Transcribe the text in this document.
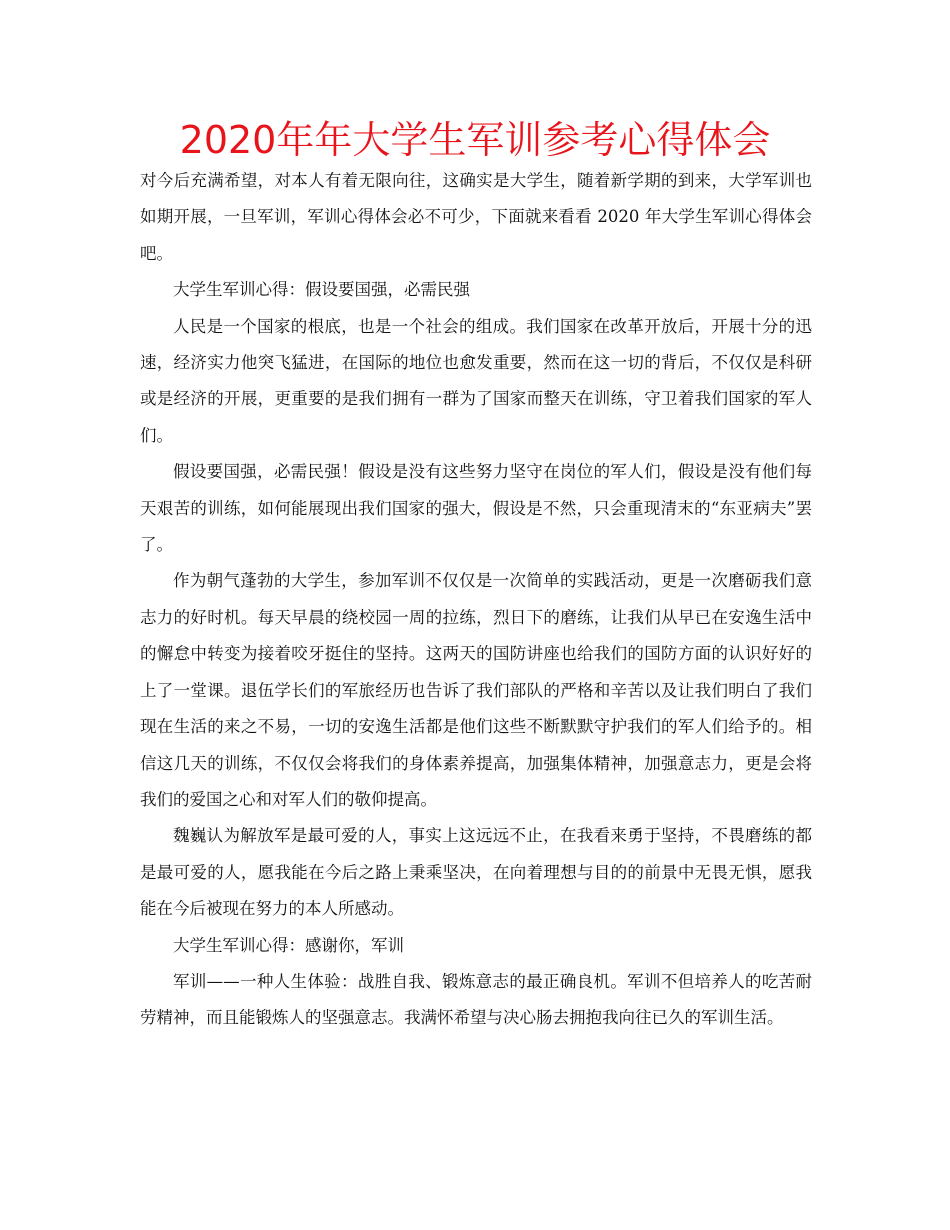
2020年年大学生军训参考心得体会

对今后充满希望，对本人有着无限向往，这确实是大学生，随着新学期的到来，大学军训也如期开展，一旦军训，军训心得体会必不可少，下面就来看看 2020 年大学生军训心得体会吧。

大学生军训心得：假设要国强，必需民强

人民是一个国家的根底，也是一个社会的组成。我们国家在改革开放后，开展十分的迅速，经济实力他突飞猛进，在国际的地位也愈发重要，然而在这一切的背后，不仅仅是科研或是经济的开展，更重要的是我们拥有一群为了国家而整天在训练，守卫着我们国家的军人们。

假设要国强，必需民强！假设是没有这些努力坚守在岗位的军人们，假设是没有他们每天艰苦的训练，如何能展现出我们国家的强大，假设是不然，只会重现清末的“东亚病夫”罢了。

作为朝气蓬勃的大学生，参加军训不仅仅是一次简单的实践活动，更是一次磨砺我们意志力的好时机。每天早晨的绕校园一周的拉练，烈日下的磨练，让我们从早已在安逸生活中的懈怠中转变为接着咬牙挺住的坚持。这两天的国防讲座也给我们的国防方面的认识好好的上了一堂课。退伍学长们的军旅经历也告诉了我们部队的严格和辛苦以及让我们明白了我们现在生活的来之不易，一切的安逸生活都是他们这些不断默默守护我们的军人们给予的。相信这几天的训练，不仅仅会将我们的身体素养提高，加强集体精神，加强意志力，更是会将我们的爱国之心和对军人们的敬仰提高。

魏巍认为解放军是最可爱的人，事实上这远远不止，在我看来勇于坚持，不畏磨练的都是最可爱的人，愿我能在今后之路上秉乘坚决，在向着理想与目的的前景中无畏无惧，愿我能在今后被现在努力的本人所感动。

大学生军训心得：感谢你，军训

军训——一种人生体验：战胜自我、锻炼意志的最正确良机。军训不但培养人的吃苦耐劳精神，而且能锻炼人的坚强意志。我满怀希望与决心肠去拥抱我向往已久的军训生活。
